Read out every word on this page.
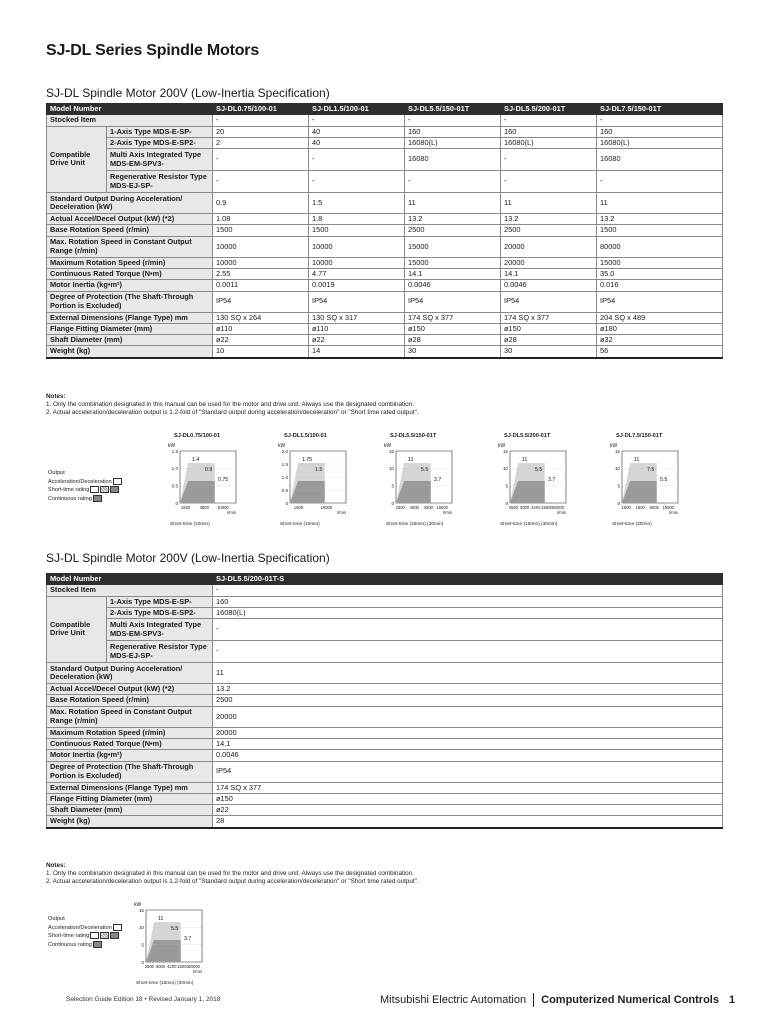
SJ-DL Series Spindle Motors
SJ-DL Spindle Motor 200V (Low-Inertia Specification)
Model Number		SJ-DL0.75/100-01	SJ-DL1.5/100-01	SJ-DL5.5/150-01T	SJ-DL5.5/200-01T	SJ-DL7.5/150-01T
Stocked Item		-	-	-	-	-
Compatible Drive Unit	1-Axis Type MDS-E-SP-	20	40	160	160	160
	2-Axis Type MDS-E-SP2-	2	40	16080(L)	16080(L)	16080(L)
	Multi Axis Integrated Type MDS-EM-SPV3-	-	-	16080	-	16080
	Regenerative Resistor Type MDS-EJ-SP-	-	-	-	-	-
Standard Output During Acceleration/ Deceleration (kW)		0.9	1.5	11	11	11
Actual Accel/Decel Output (kW) (*2)		1.08	1.8	13.2	13.2	13.2
Base Rotation Speed (r/min)		1500	1500	2500	2500	1500
Max. Rotation Speed in Constant Output Range (r/min)		10000	10000	15000	20000	80000
Maximum Rotation Speed (r/min)		10000	10000	15000	20000	15000
Continuous Rated Torque (N•m)		2.55	4.77	14.1	14.1	35.0
Motor Inertia (kg•m²)		0.0011	0.0019	0.0046	0.0046	0.016
Degree of Protection (The Shaft-Through Portion is Excluded)		IP54	IP54	IP54	IP54	IP54
External Dimensions (Flange Type) mm		130 SQ x 264	130 SQ x 317	174 SQ x 377	174 SQ x 377	204 SQ x 489
Flange Fitting Diameter (mm)		ø110	ø110	ø150	ø150	ø180
Shaft Diameter (mm)		ø22	ø22	ø28	ø28	ø32
Weight (kg)		10	14	30	30	56
Notes:
1. Only the combination designated in this manual can be used for the motor and drive unit. Always use the designated combination.
2. Actual acceleration/deceleration output is 1.2-fold of "Standard output during acceleration/deceleration" or "Short time rated output".
Output
Acceleration/Deceleration
Short-time rating
Continuous rating
SJ-DL0.75/100-01
kW
1.5
1.0
0.5
0
1500 3600 10000
r/min
1.4
0.9
0.75
Short-time (10min)
SJ-DL1.5/100-01
kW
2.0
1.5
1.0
0.5
0
1500	10000
r/min
1.75
1.5
Short-time (10min)
SJ-DL5.5/150-01T
kW
15
10
5
0
2500 3000 4200 15000
r/min
11
5.5
3.7
Short-time (15min) (30min)
SJ-DL5.5/200-01T
kW
15
10
5
0
2500 3000 4200 15000 20000
r/min
11
5.5
3.7
Short-time (15min) (30min)
SJ-DL7.5/150-01T
kW
15
10
5
0
1500 1800 8000 15000
r/min
11
7.5
5.5
Short-time (30min)
SJ-DL Spindle Motor 200V (Low-Inertia Specification)
Model Number		SJ-DL5.5/200-01T-S
Stocked Item		-
Compatible Drive Unit	1-Axis Type MDS-E-SP-	160
	2-Axis Type MDS-E-SP2-	16080(L)
	Multi Axis Integrated Type MDS-EM-SPV3-	-
	Regenerative Resistor Type MDS-EJ-SP-	-
Standard Output During Acceleration/ Deceleration (kW)		11
Actual Accel/Decel Output (kW) (*2)		13.2
Base Rotation Speed (r/min)		2500
Max. Rotation Speed in Constant Output Range (r/min)		20000
Maximum Rotation Speed (r/min)		20000
Continuous Rated Torque (N•m)		14.1
Motor Inertia (kg•m²)		0.0046
Degree of Protection (The Shaft-Through Portion is Excluded)		IP54
External Dimensions (Flange Type) mm		174 SQ x 377
Flange Fitting Diameter (mm)		ø150
Shaft Diameter (mm)		ø22
Weight (kg)		28
Notes:
1. Only the combination designated in this manual can be used for the motor and drive unit. Always use the designated combination.
2. Actual acceleration/deceleration output is 1.2-fold of "Standard output during acceleration/deceleration" or "Short time rated output".
Output
Acceleration/Deceleration
Short-time rating
Continuous rating
kW
15
10
5
0
2500 3000 4200 15000 20000
r/min
11
5.5
3.7
Short-time (15min) (30min)
Selection Guide Edition 18 • Revised January 1, 2018	Mitsubishi Electric Automation Computerized Numerical Controls 1
